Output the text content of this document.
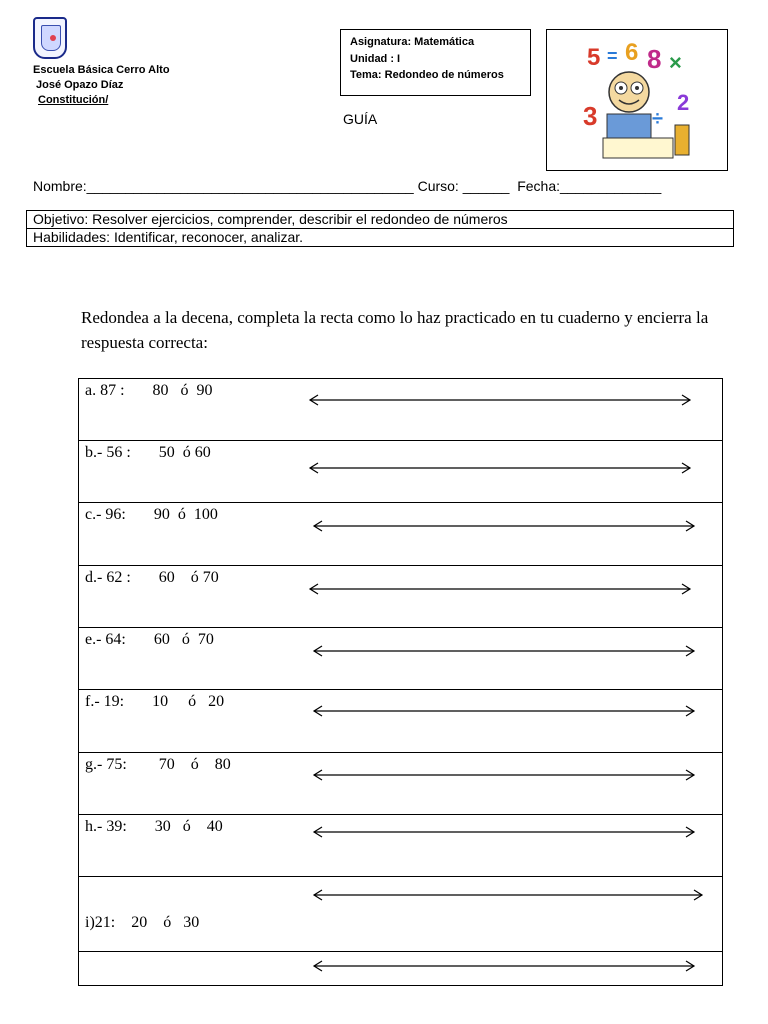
Escuela Básica Cerro Alto
José Opazo Díaz
Constitución/
Asignatura: Matemática
Unidad : I
Tema: Redondeo de números
GUÍA
5 = 6 8 ×
3	2
÷
Nombre:__________________________________________ Curso: ______  Fecha:_____________
Objetivo: Resolver ejercicios, comprender, describir el redondeo de números
Habilidades: Identificar, reconocer, analizar.
Redondea a la decena, completa la recta como lo haz practicado en tu cuaderno y encierra la respuesta correcta:
a. 87 :       80   ó  90

b.- 56 :       50  ó 60

c.- 96:       90  ó  100

d.- 62 :       60    ó 70

e.- 64:       60   ó  70

f.- 19:       10     ó   20

g.- 75:        70    ó    80

h.- 39:       30   ó    40

i)21:    20    ó   30
